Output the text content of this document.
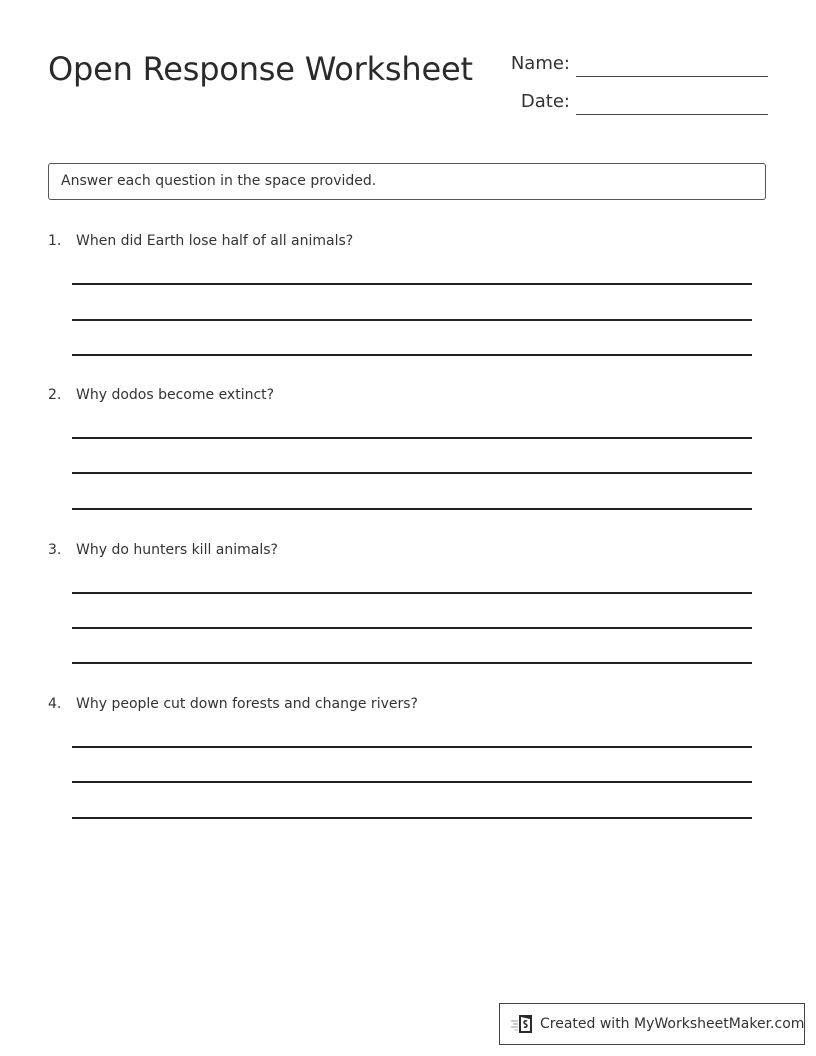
Open Response Worksheet	Name:
Date:
Answer each question in the space provided.
1. When did Earth lose half of all animals?
2. Why dodos become extinct?
3. Why do hunters kill animals?
4. Why people cut down forests and change rivers?
Created with MyWorksheetMaker.com
